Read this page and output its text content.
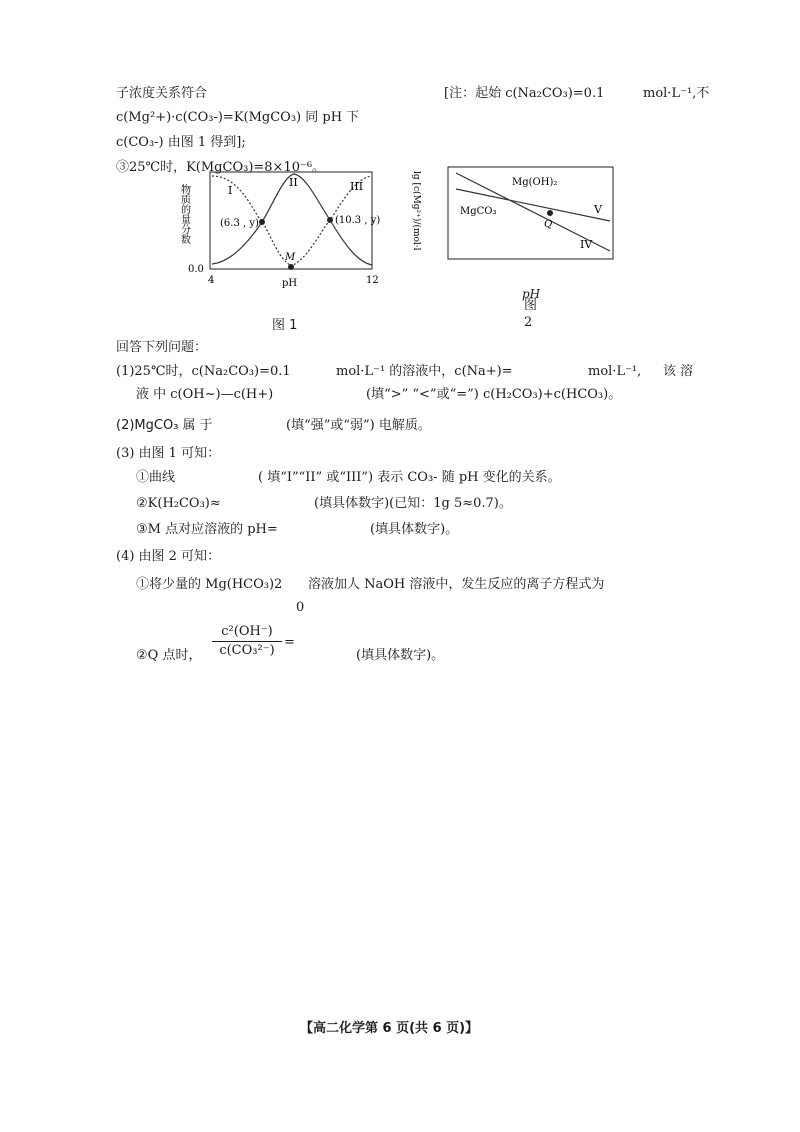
子浓度关系符合	[注：起始 c(Na₂CO₃)=0.1	mol·L⁻¹,不
c(Mg²+)·c(CO₃-)=K(MgCO₃) 同 pH 下
c(CO₃-) 由图 1 得到];
③25℃时，K(MgCO₃)=8×10⁻⁶。
物质的量分数	I
II	III
(6.3 , y)	(10.3 , y)
M
0.0
4	12
pH
图 1
lg [c(Mg²⁺)/(mol·l	Mg(OH)₂
MgCO₃	V
IV
Q
pH
图
2
回答下列问题：
(1)25℃时，c(Na₂CO₃)=0.1	mol·L⁻¹ 的溶液中，c(Na+)=	mol·L⁻¹, 该 溶
液 中 c(OH~)—c(H+)	(填“>” “<”或“=”) c(H₂CO₃)+c(HCO₃)。
(2)MgCO₃ 属 于	(填“强”或“弱”) 电解质。
(3) 由图 1 可知：
①曲线	( 填“I”“II” 或“III”) 表示 CO₃- 随 pH 变化的关系。
②K(H₂CO₃)≈	(填具体数字)(已知：1g 5≈0.7)。
③M 点对应溶液的 pH=	(填具体数字)。
(4) 由图 2 可知：
①将少量的 Mg(HCO₃)2 溶液加人 NaOH 溶液中，发生反应的离子方程式为
0
②Q 点时，
c²(OH⁻)
c(CO₃²⁻)
=
(填具体数字)。
【高二化学第 6 页(共 6 页)】
